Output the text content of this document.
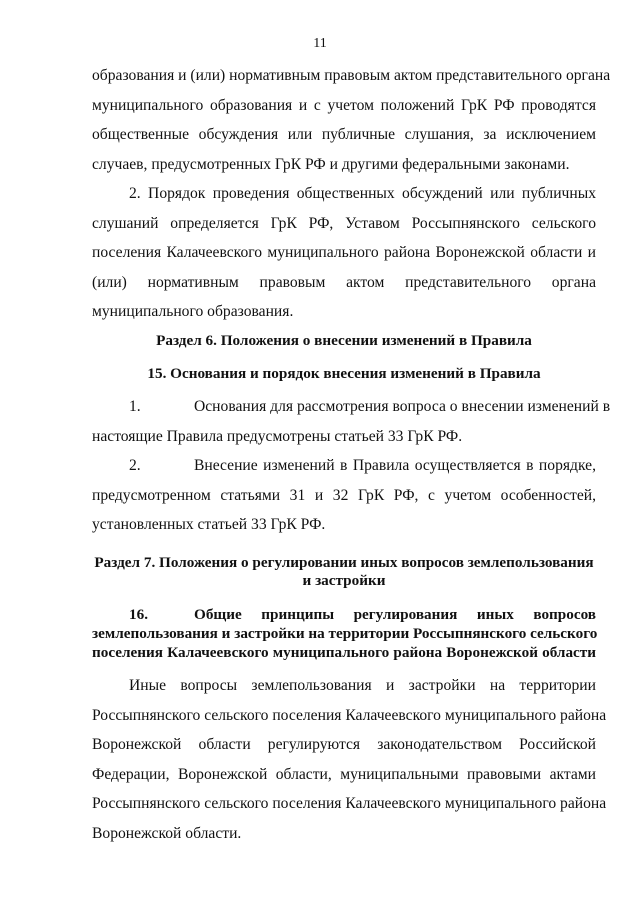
11
образования и (или) нормативным правовым актом представительного органа
муниципального образования и с учетом положений ГрК РФ проводятся
общественные обсуждения или публичные слушания, за исключением
случаев, предусмотренных ГрК РФ и другими федеральными законами.
2. Порядок проведения общественных обсуждений или публичных
слушаний определяется ГрК РФ, Уставом Россыпнянского сельского
поселения Калачеевского муниципального района Воронежской области и
(или) нормативным правовым актом представительного органа
муниципального образования.
Раздел 6. Положения о внесении изменений в Правила
15. Основания и порядок внесения изменений в Правила
1.	Основания для рассмотрения вопроса о внесении изменений в
настоящие Правила предусмотрены статьей 33 ГрК РФ.
2.	Внесение изменений в Правила осуществляется в порядке,
предусмотренном статьями 31 и 32 ГрК РФ, с учетом особенностей,
установленных статьей 33 ГрК РФ.
Раздел 7. Положения о регулировании иных вопросов землепользования
и застройки
16.	Общие принципы регулирования иных вопросов
землепользования и застройки на территории Россыпнянского сельского
поселения Калачеевского муниципального района Воронежской области
Иные вопросы землепользования и застройки на территории
Россыпнянского сельского поселения Калачеевского муниципального района
Воронежской области регулируются законодательством Российской
Федерации, Воронежской области, муниципальными правовыми актами
Россыпнянского сельского поселения Калачеевского муниципального района
Воронежской области.
